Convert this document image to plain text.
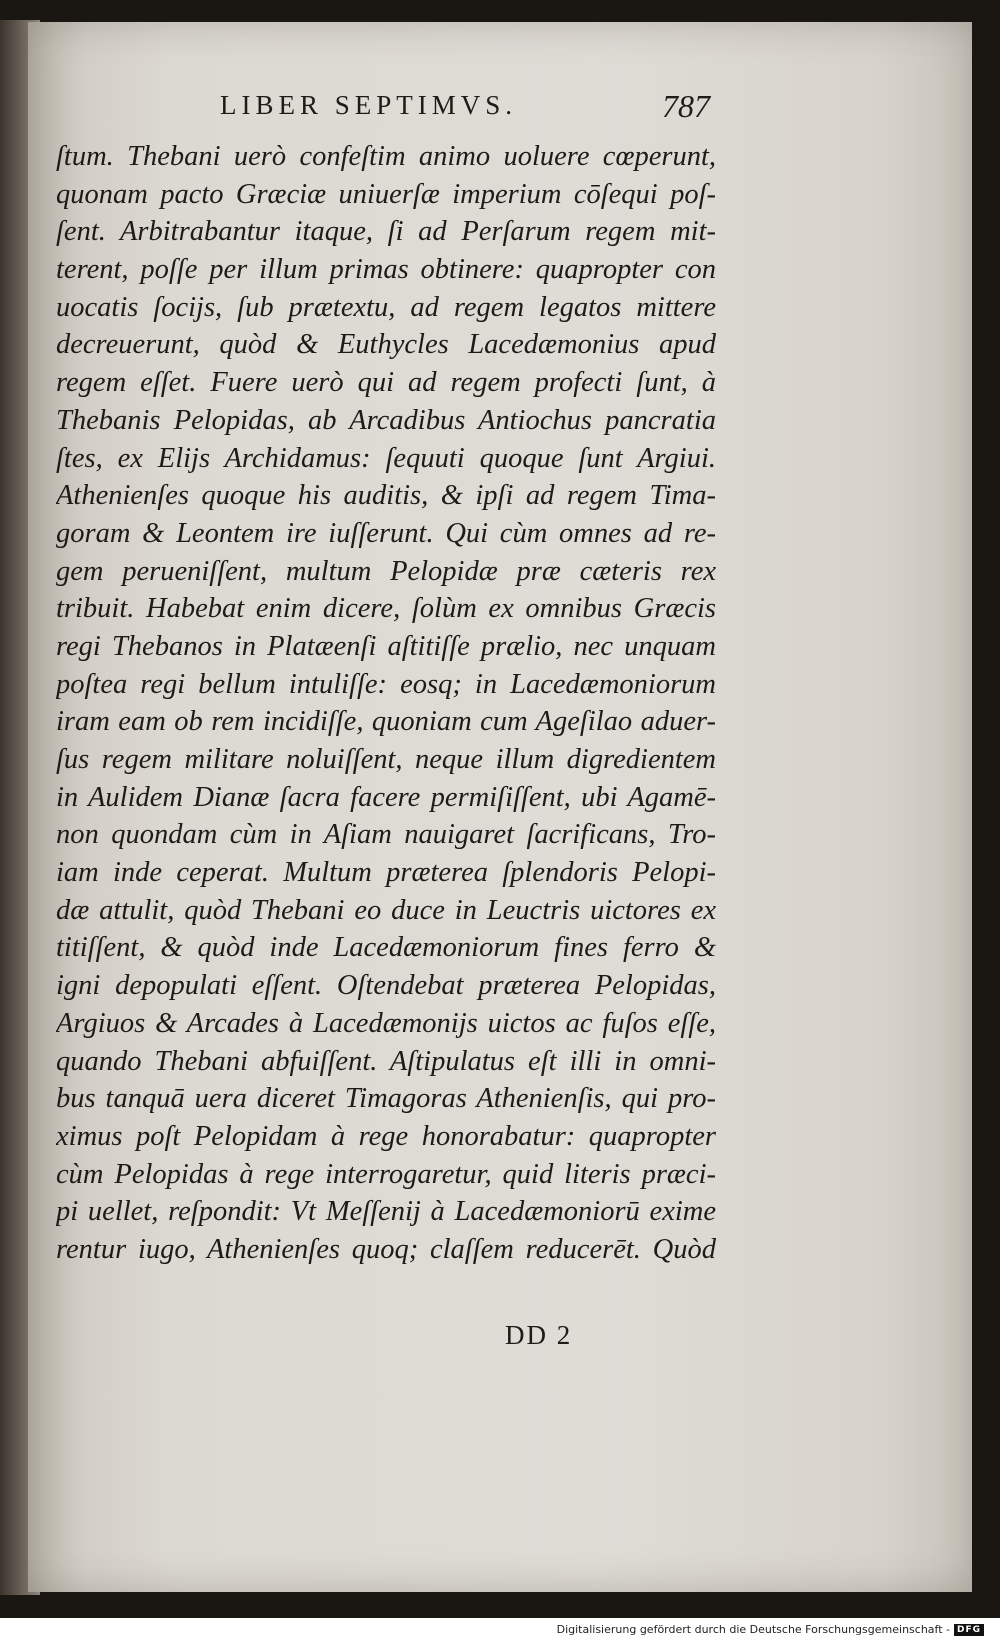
LIBER SEPTIMVS.	787
ſtum. Thebani uerò confeſtim animo uoluere cœperunt,
quonam pacto Græciæ uniuerſæ imperium cōſequi poſ-
ſent. Arbitrabantur itaque, ſi ad Perſarum regem mit-
terent, poſſe per illum primas obtinere: quapropter con
uocatis ſocijs, ſub prætextu, ad regem legatos mittere
decreuerunt, quòd & Euthycles Lacedæmonius apud
regem eſſet. Fuere uerò qui ad regem profecti ſunt, à
Thebanis Pelopidas, ab Arcadibus Antiochus pancratia
ſtes, ex Elijs Archidamus: ſequuti quoque ſunt Argiui.
Athenienſes quoque his auditis, & ipſi ad regem Tima-
goram & Leontem ire iuſſerunt. Qui cùm omnes ad re-
gem perueniſſent, multum Pelopidæ præ cæteris rex
tribuit. Habebat enim dicere, ſolùm ex omnibus Græcis
regi Thebanos in Platæenſi aſtitiſſe prælio, nec unquam
poſtea regi bellum intuliſſe: eosq; in Lacedæmoniorum
iram eam ob rem incidiſſe, quoniam cum Ageſilao aduer-
ſus regem militare noluiſſent, neque illum digredientem
in Aulidem Dianæ ſacra facere permiſiſſent, ubi Agamē-
non quondam cùm in Aſiam nauigaret ſacrificans, Tro-
iam inde ceperat. Multum præterea ſplendoris Pelopi-
dæ attulit, quòd Thebani eo duce in Leuctris uictores ex
titiſſent, & quòd inde Lacedæmoniorum fines ferro &
igni depopulati eſſent. Oſtendebat præterea Pelopidas,
Argiuos & Arcades à Lacedæmonijs uictos ac fuſos eſſe,
quando Thebani abfuiſſent. Aſtipulatus eſt illi in omni-
bus tanquā uera diceret Timagoras Athenienſis, qui pro-
ximus poſt Pelopidam à rege honorabatur: quapropter
cùm Pelopidas à rege interrogaretur, quid literis præci-
pi uellet, reſpondit: Vt Meſſenij à Lacedæmoniorū exime
rentur iugo, Athenienſes quoq; claſſem reducerēt. Quòd
DD 2
Digitalisierung gefördert durch die Deutsche Forschungsgemeinschaft - DFG
